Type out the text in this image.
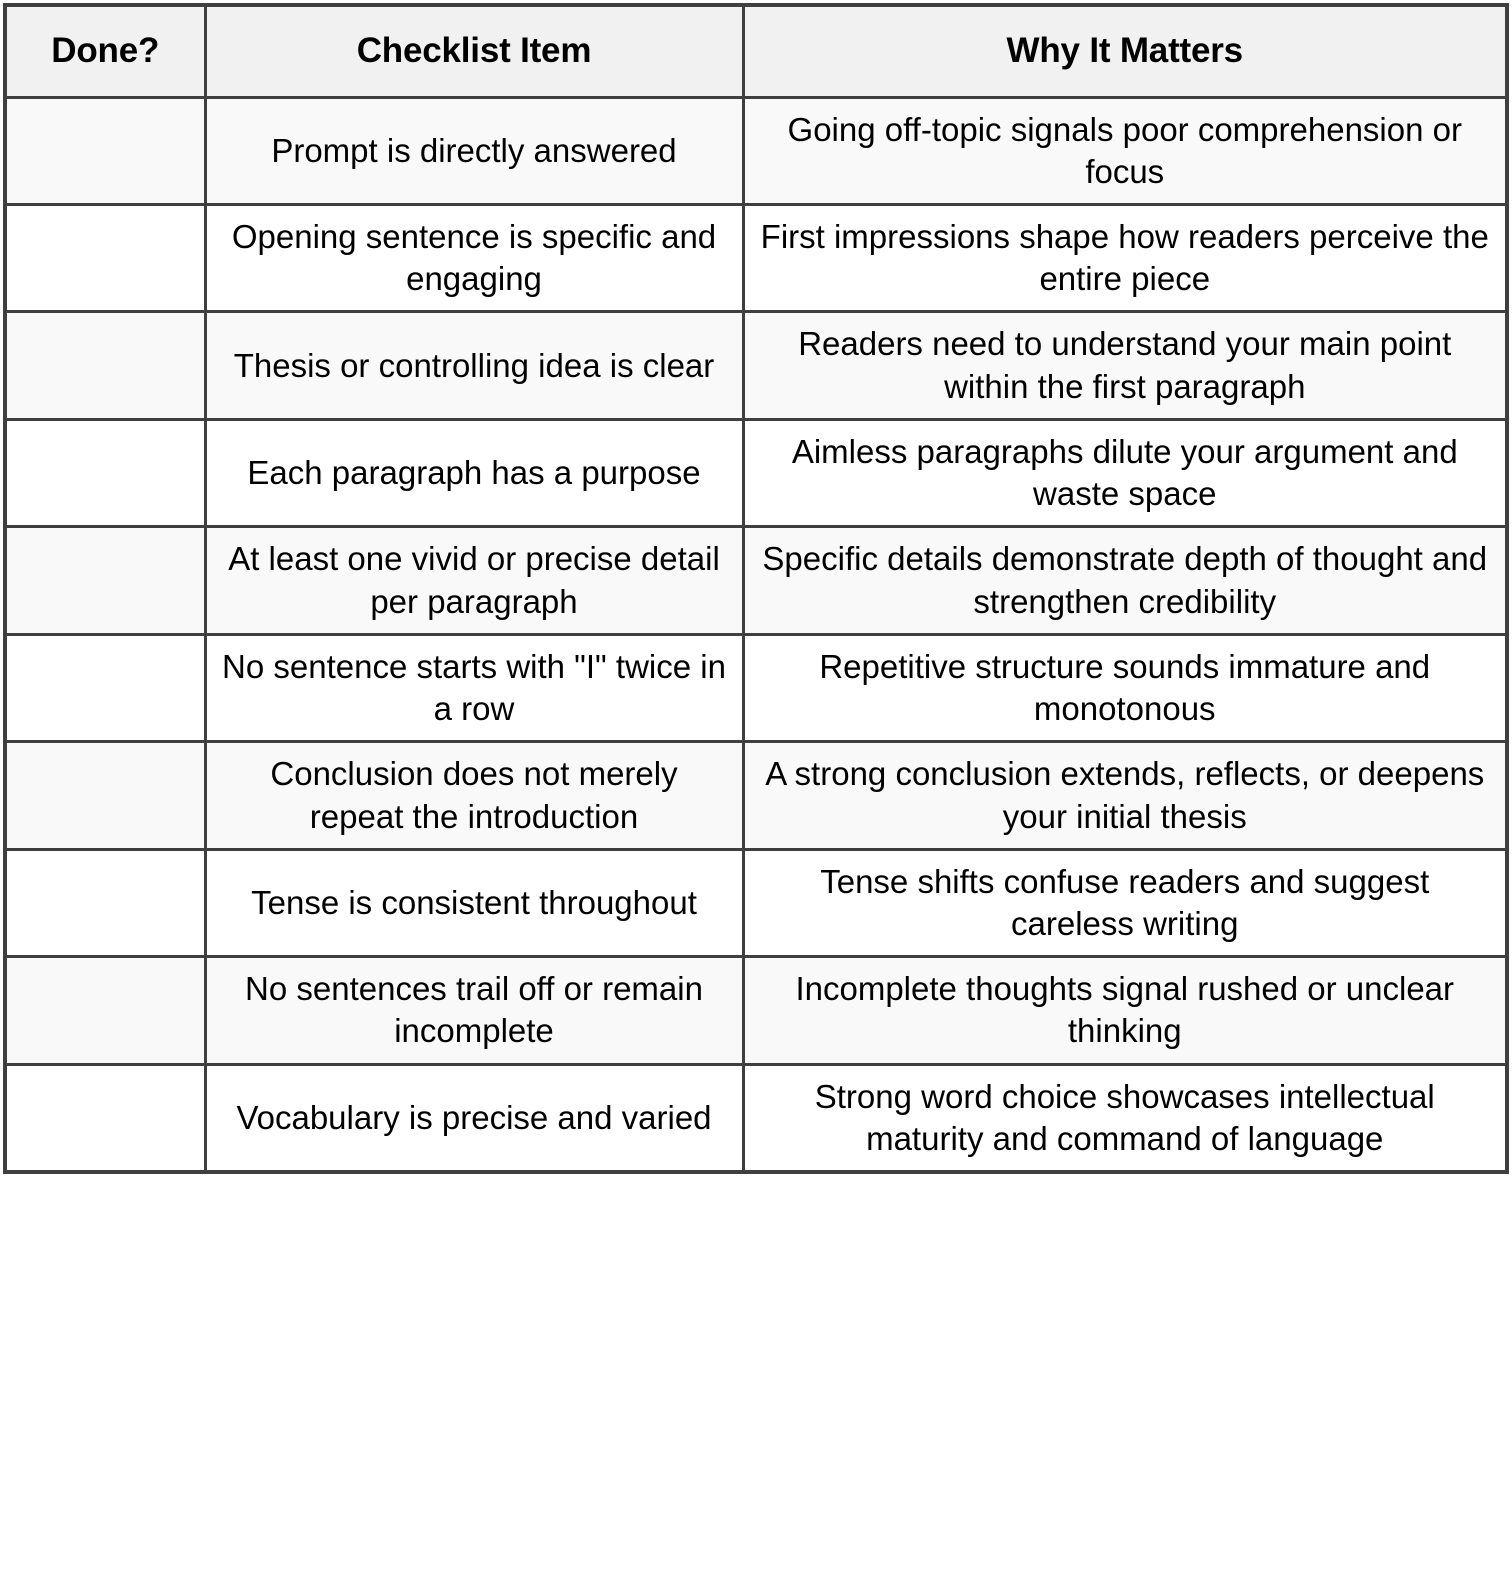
Done?	Checklist Item	Why It Matters
	Prompt is directly answered	Going off-topic signals poor comprehension or focus
	Opening sentence is specific and engaging	First impressions shape how readers perceive the entire piece
	Thesis or controlling idea is clear	Readers need to understand your main point within the first paragraph
	Each paragraph has a purpose	Aimless paragraphs dilute your argument and waste space
	At least one vivid or precise detail per paragraph	Specific details demonstrate depth of thought and strengthen credibility
	No sentence starts with "I" twice in a row	Repetitive structure sounds immature and monotonous
	Conclusion does not merely repeat the introduction	A strong conclusion extends, reflects, or deepens your initial thesis
	Tense is consistent throughout	Tense shifts confuse readers and suggest careless writing
	No sentences trail off or remain incomplete	Incomplete thoughts signal rushed or unclear thinking
	Vocabulary is precise and varied	Strong word choice showcases intellectual maturity and command of language
